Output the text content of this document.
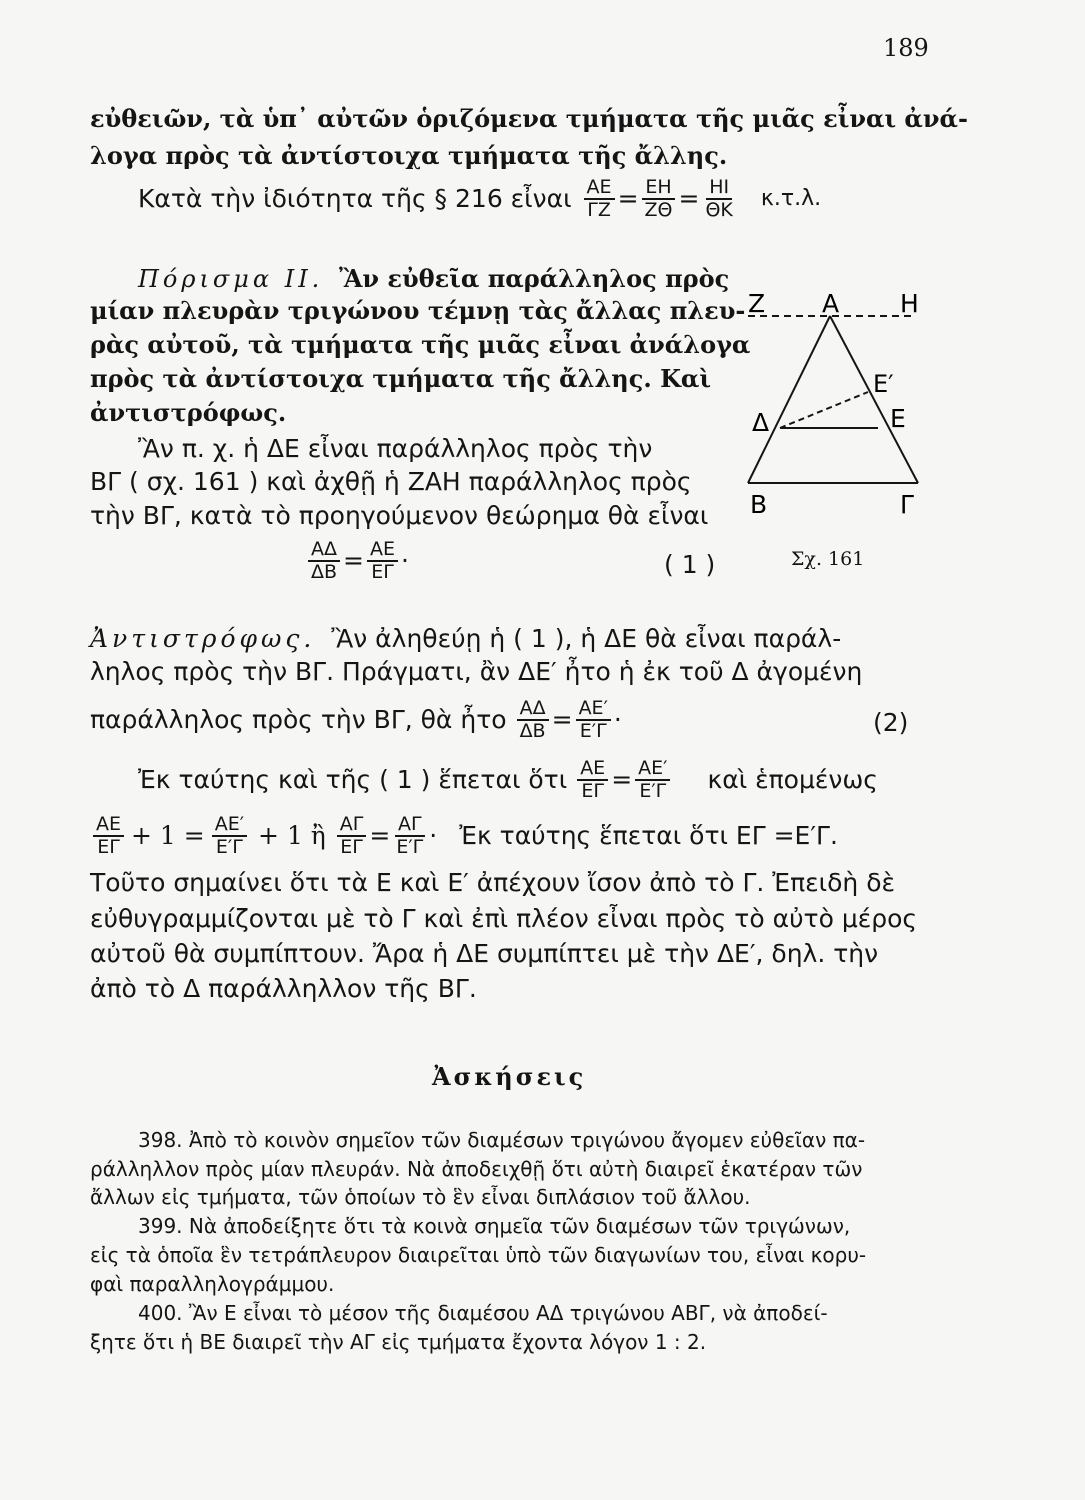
189
εὐθειῶν, τὰ ὑπ᾽ αὐτῶν ὁριζόμενα τμήματα τῆς μιᾶς εἶναι ἀνά-
λογα πρὸς τὰ ἀντίστοιχα τμήματα τῆς ἄλλης.
Κατὰ τὴν ἰδιότητα τῆς § 216 εἶναι $\frac{AE}{\Gamma Z} = \frac{EH}{Z\Theta} = \frac{HI}{\Theta K} \kappa.\tau.\lambda$.
Πόρισμα ΙΙ. Ἂν εὐθεῖα παράλληλος πρὸς
μίαν πλευρὰν τριγώνου τέμνῃ τὰς ἄλλας πλευ-
ρὰς αὐτοῦ, τὰ τμήματα τῆς μιᾶς εἶναι ἀνάλογα
πρὸς τὰ ἀντίστοιχα τμήματα τῆς ἄλλης. Καὶ
ἀντιστρόφως.
Ἂν π. χ. ἡ ΔΕ εἶναι παράλληλος πρὸς τὴν
ΒΓ ( σχ. 161 ) καὶ ἀχθῇ ἡ ΖΑΗ παράλληλος πρὸς
τὴν ΒΓ, κατὰ τὸ προηγούμενον θεώρημα θὰ εἶναι
$\frac{A\Delta}{\Delta B} = \frac{AE}{E\Gamma}$ ·	( 1 )
Ζ Α Η
Ε′
Δ	Ε
Β	Γ
Σχ. 161
Ἀντιστρόφως. Ἂν ἀληθεύῃ ἡ ( 1 ), ἡ ΔΕ θὰ εἶναι παράλ-
ληλος πρὸς τὴν ΒΓ. Πράγματι, ἂν ΔΕ′ ἦτο ἡ ἐκ τοῦ Δ ἀγομένη
παράλληλος πρὸς τὴν ΒΓ, θὰ ἦτο $\frac{A\Delta}{\Delta B} = \frac{AE'}{E'\Gamma}$ ·	(2)
Ἐκ ταύτης καὶ τῆς ( 1 ) ἕπεται ὅτι $\frac{AE}{E\Gamma} = \frac{AE'}{E'\Gamma}$ καὶ ἑπομένως
$\frac{AE}{E\Gamma} + 1 = \frac{AE'}{E'\Gamma} + 1$ ἢ $\frac{A\Gamma}{E\Gamma} = \frac{A\Gamma}{E'\Gamma}$ · Ἐκ ταύτης ἕπεται ὅτι ΕΓ =Ε′Γ.
Τοῦτο σημαίνει ὅτι τὰ Ε καὶ Ε′ ἀπέχουν ἴσον ἀπὸ τὸ Γ. Ἐπειδὴ δὲ
εὐθυγραμμίζονται μὲ τὸ Γ καὶ ἐπὶ πλέον εἶναι πρὸς τὸ αὐτὸ μέρος
αὐτοῦ θὰ συμπίπτουν. Ἄρα ἡ ΔΕ συμπίπτει μὲ τὴν ΔΕ′, δηλ. τὴν
ἀπὸ τὸ Δ παράλληλλον τῆς ΒΓ.
Ἀσκήσεις
398. Ἀπὸ τὸ κοινὸν σημεῖον τῶν διαμέσων τριγώνου ἄγομεν εὐθεῖαν πα-
ράλληλλον πρὸς μίαν πλευράν. Νὰ ἀποδειχθῇ ὅτι αὐτὴ διαιρεῖ ἑκατέραν τῶν
ἄλλων εἰς τμήματα, τῶν ὁποίων τὸ ἓν εἶναι διπλάσιον τοῦ ἄλλου.
399. Νὰ ἀποδείξητε ὅτι τὰ κοινὰ σημεῖα τῶν διαμέσων τῶν τριγώνων,
εἰς τὰ ὁποῖα ἓν τετράπλευρον διαιρεῖται ὑπὸ τῶν διαγωνίων του, εἶναι κορυ-
φαὶ παραλληλογράμμου.
400. Ἂν Ε εἶναι τὸ μέσον τῆς διαμέσου ΑΔ τριγώνου ΑΒΓ, νὰ ἀποδεί-
ξητε ὅτι ἡ ΒΕ διαιρεῖ τὴν ΑΓ εἰς τμήματα ἔχοντα λόγον 1 : 2.
